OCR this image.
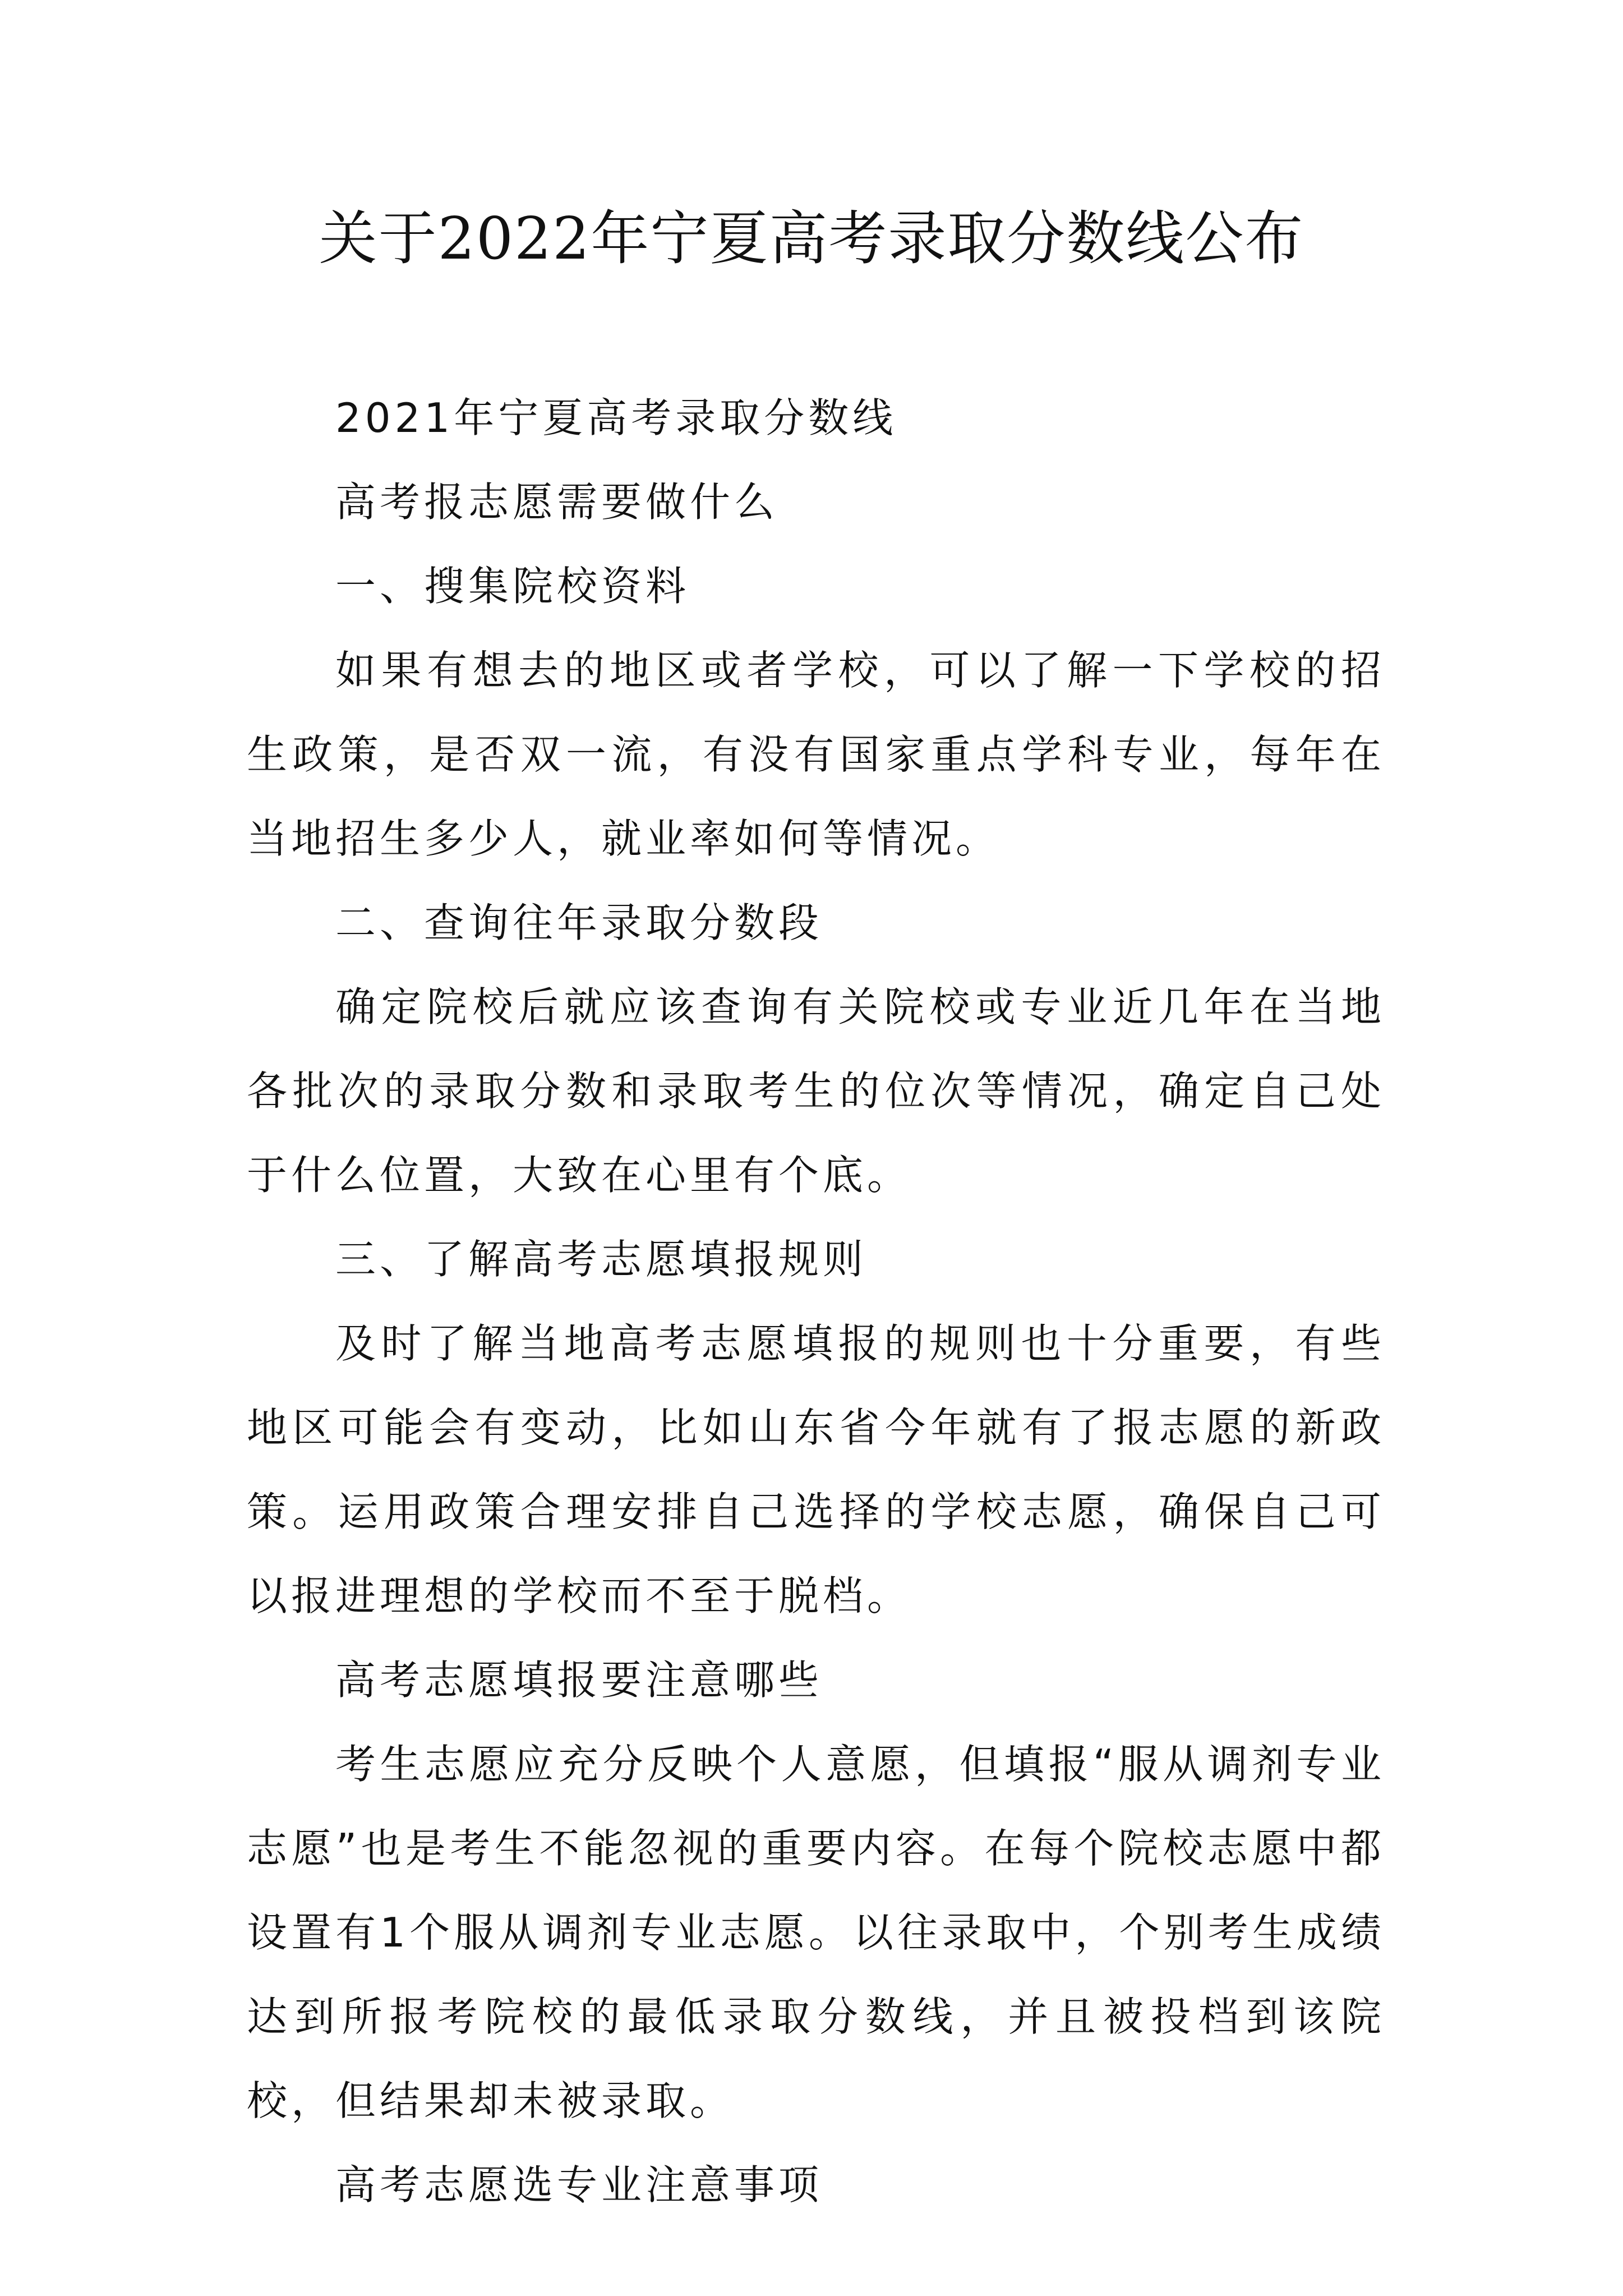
关于2022年宁夏高考录取分数线公布

2021年宁夏高考录取分数线

高考报志愿需要做什么

一、搜集院校资料

如果有想去的地区或者学校，可以了解一下学校的招生政策，是否双一流，有没有国家重点学科专业，每年在当地招生多少人，就业率如何等情况。

二、查询往年录取分数段

确定院校后就应该查询有关院校或专业近几年在当地各批次的录取分数和录取考生的位次等情况，确定自己处于什么位置，大致在心里有个底。

三、了解高考志愿填报规则

及时了解当地高考志愿填报的规则也十分重要，有些地区可能会有变动，比如山东省今年就有了报志愿的新政策。运用政策合理安排自己选择的学校志愿，确保自己可以报进理想的学校而不至于脱档。

高考志愿填报要注意哪些

考生志愿应充分反映个人意愿，但填报“服从调剂专业志愿”也是考生不能忽视的重要内容。在每个院校志愿中都设置有1个服从调剂专业志愿。以往录取中，个别考生成绩达到所报考院校的最低录取分数线，并且被投档到该院校，但结果却未被录取。

高考志愿选专业注意事项
